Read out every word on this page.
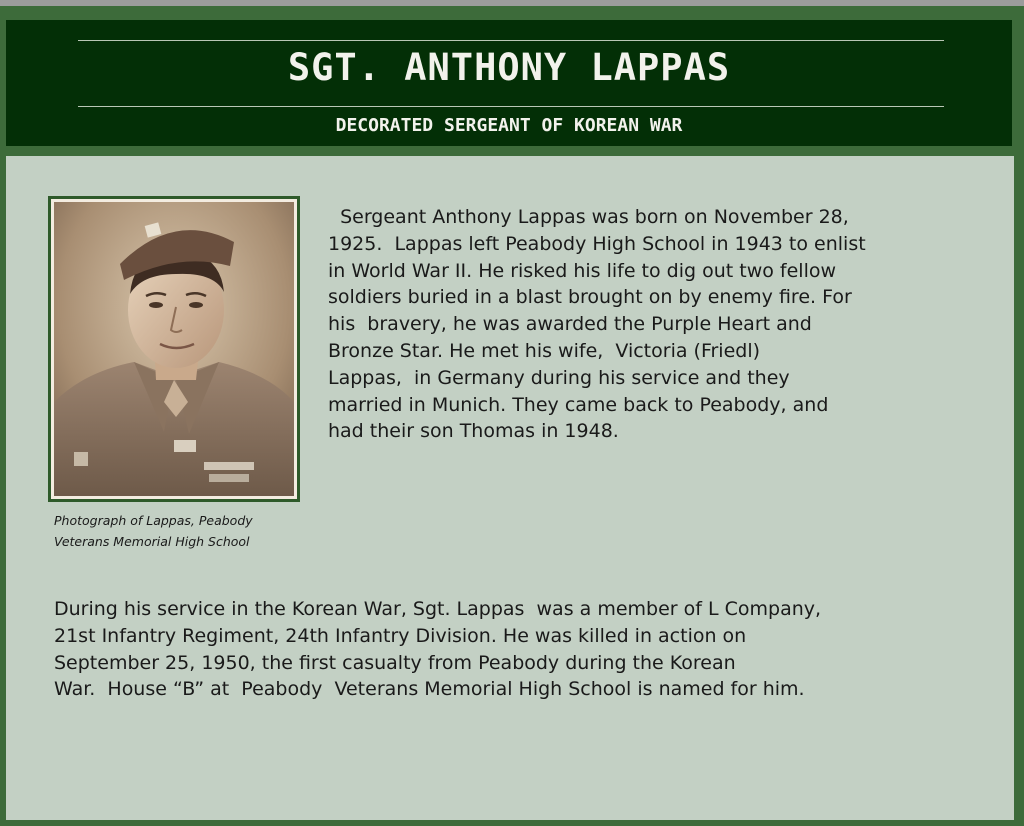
SGT. ANTHONY LAPPAS
DECORATED SERGEANT OF KOREAN WAR
Photograph of Lappas, Peabody
Veterans Memorial High School

Sergeant Anthony Lappas was born on November 28,
1925.  Lappas left Peabody High School in 1943 to enlist
in World War II. He risked his life to dig out two fellow
soldiers buried in a blast brought on by enemy fire. For
his  bravery, he was awarded the Purple Heart and
Bronze Star. He met his wife,  Victoria (Friedl)
Lappas,  in Germany during his service and they
married in Munich. They came back to Peabody, and
had their son Thomas in 1948.

During his service in the Korean War, Sgt. Lappas  was a member of L Company,
21st Infantry Regiment, 24th Infantry Division. He was killed in action on
September 25, 1950, the first casualty from Peabody during the Korean
War.  House “B” at  Peabody  Veterans Memorial High School is named for him.
